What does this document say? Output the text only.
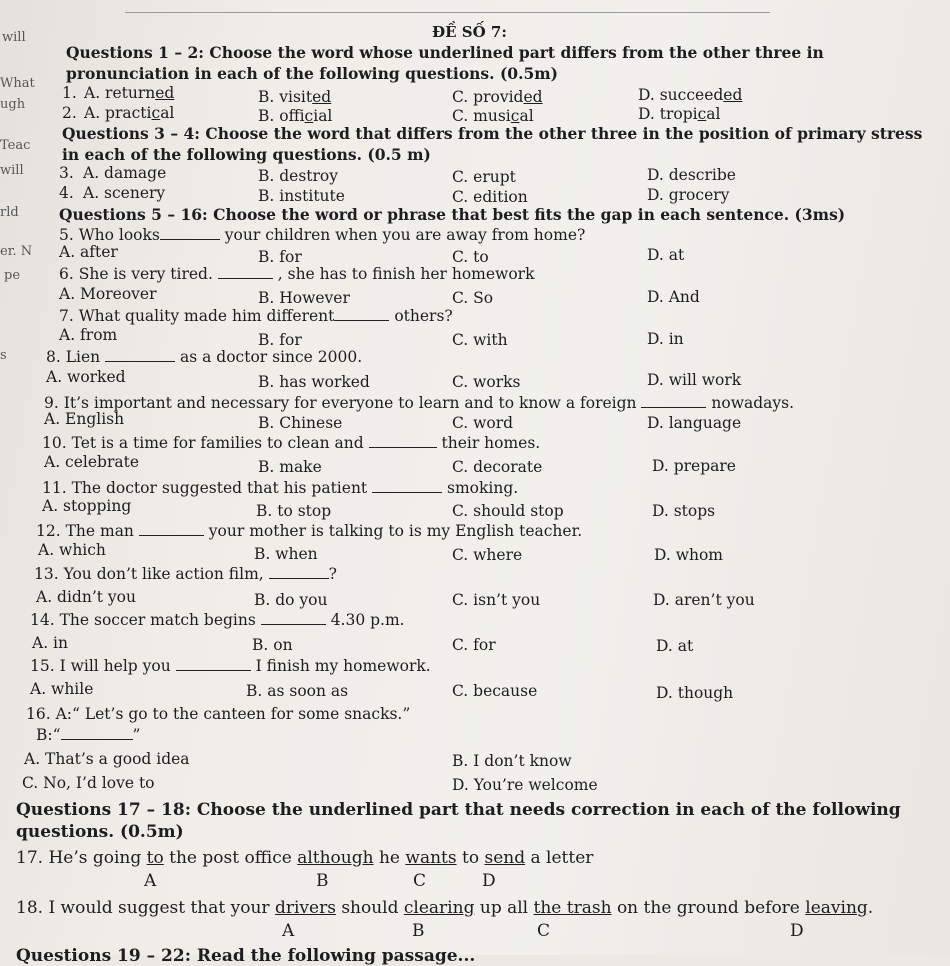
will
What
ugh
Teac
will
rld
er. N
pe
s
ĐỀ SỐ 7:
Questions 1 – 2: Choose the word whose underlined part differs from the other three in
pronunciation in each of the following questions. (0.5m)
1. A. returned	B. visited	C. provided	D. succeeded
2. A. practical	B. official	C. musical	D. tropical
Questions 3 – 4: Choose the word that differs from the other three in the position of primary stress
in each of the following questions. (0.5 m)
3. A. damage	B. destroy	C. erupt	D. describe
4. A. scenery	B. institute	C. edition	D. grocery
Questions 5 – 16: Choose the word or phrase that best fits the gap in each sentence. (3ms)
5. Who looks	your children when you are away from home?
A. after	B. for	C. to	D. at
6. She is very tired.	, she has to finish her homework
A. Moreover	B. However	C. So	D. And
7. What quality made him different	others?
A. from	B. for	C. with	D. in
8. Lien	as a doctor since 2000.
A. worked	B. has worked	C. works	D. will work
9. It’s important and necessary for everyone to learn and to know a foreign	nowadays.
A. English	B. Chinese	C. word	D. language
10. Tet is a time for families to clean and	their homes.
A. celebrate	B. make	C. decorate	D. prepare
11. The doctor suggested that his patient	smoking.
A. stopping	B. to stop	C. should stop	D. stops
12. The man	your mother is talking to is my English teacher.
A. which	B. when	C. where	D. whom
13. You don’t like action film,	?
A. didn’t you	B. do you	C. isn’t you	D. aren’t you
14. The soccer match begins	4.30 p.m.
A. in	B. on	C. for	D. at
15. I will help you	I finish my homework.
A. while	B. as soon as	C. because	D. though
16. A:“ Let’s go to the canteen for some snacks.”
B:“	”
A. That’s a good idea	B. I don’t know
C. No, I’d love to	D. You’re welcome
Questions 17 – 18: Choose the underlined part that needs correction in each of the following
questions. (0.5m)
17. He’s going to the post office although he wants to send a letter
A	B	C	D
18. I would suggest that your drivers should clearing up all the trash on the ground before leaving.
A	B	C	D
Questions 19 – 22: Read the following passage...
